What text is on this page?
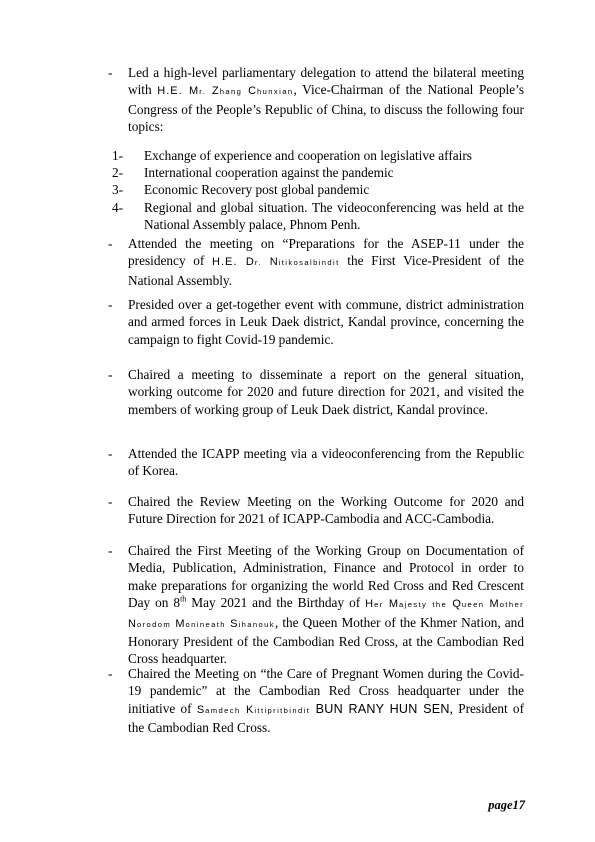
- Led a high-level parliamentary delegation to attend the bilateral meeting with H.E. Mr. Zhang Chunxian, Vice-Chairman of the National People’s Congress of the People’s Republic of China, to discuss the following four topics:
1- Exchange of experience and cooperation on legislative affairs
2- International cooperation against the pandemic
3- Economic Recovery post global pandemic
4- Regional and global situation. The videoconferencing was held at the National Assembly palace, Phnom Penh.
- Attended the meeting on “Preparations for the ASEP-11 under the presidency of H.E. Dr. Nitikosalbindit the First Vice-President of the National Assembly.
- Presided over a get-together event with commune, district administration and armed forces in Leuk Daek district, Kandal province, concerning the campaign to fight Covid-19 pandemic.
- Chaired a meeting to disseminate a report on the general situation, working outcome for 2020 and future direction for 2021, and visited the members of working group of Leuk Daek district, Kandal province.
- Attended the ICAPP meeting via a videoconferencing from the Republic of Korea.
- Chaired the Review Meeting on the Working Outcome for 2020 and Future Direction for 2021 of ICAPP-Cambodia and ACC-Cambodia.
- Chaired the First Meeting of the Working Group on Documentation of Media, Publication, Administration, Finance and Protocol in order to make preparations for organizing the world Red Cross and Red Crescent Day on 8th May 2021 and the Birthday of Her Majesty the Queen Mother Norodom Monineath Sihanouk, the Queen Mother of the Khmer Nation, and Honorary President of the Cambodian Red Cross, at the Cambodian Red Cross headquarter.
- Chaired the Meeting on “the Care of Pregnant Women during the Covid-19 pandemic” at the Cambodian Red Cross headquarter under the initiative of Samdech Kittipritbindit BUN RANY HUN SEN, President of the Cambodian Red Cross.
page17
